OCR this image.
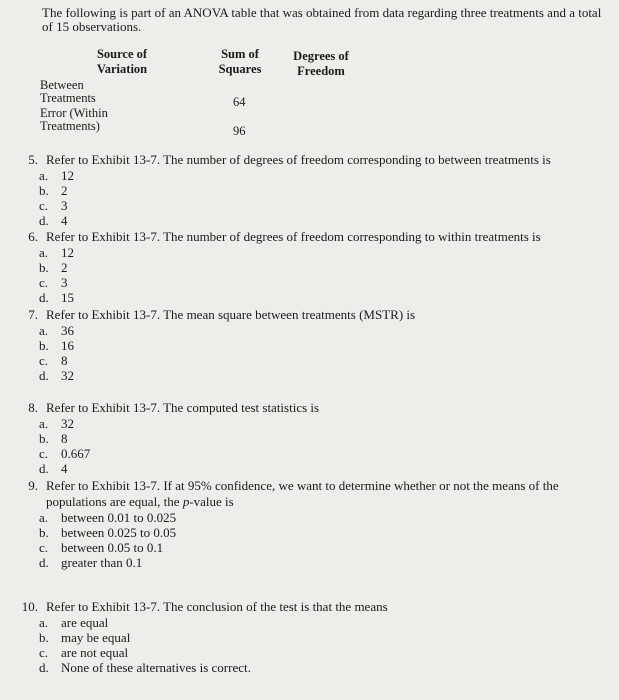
The following is part of an ANOVA table that was obtained from data regarding three treatments and a total
of 15 observations.
Source of
Variation
Sum of
Squares
Degrees of
Freedom
Between
Treatments	64
Error (Within
Treatments)	96
5. Refer to Exhibit 13-7. The number of degrees of freedom corresponding to between treatments is
a. 12
b. 2
c. 3
d. 4
6. Refer to Exhibit 13-7. The number of degrees of freedom corresponding to within treatments is
a. 12
b. 2
c. 3
d. 15
7. Refer to Exhibit 13-7. The mean square between treatments (MSTR) is
a. 36
b. 16
c. 8
d. 32
8. Refer to Exhibit 13-7. The computed test statistics is
a. 32
b. 8
c. 0.667
d. 4
9. Refer to Exhibit 13-7. If at 95% confidence, we want to determine whether or not the means of the
populations are equal, the p-value is
a. between 0.01 to 0.025
b. between 0.025 to 0.05
c. between 0.05 to 0.1
d. greater than 0.1
10. Refer to Exhibit 13-7. The conclusion of the test is that the means
a. are equal
b. may be equal
c. are not equal
d. None of these alternatives is correct.
